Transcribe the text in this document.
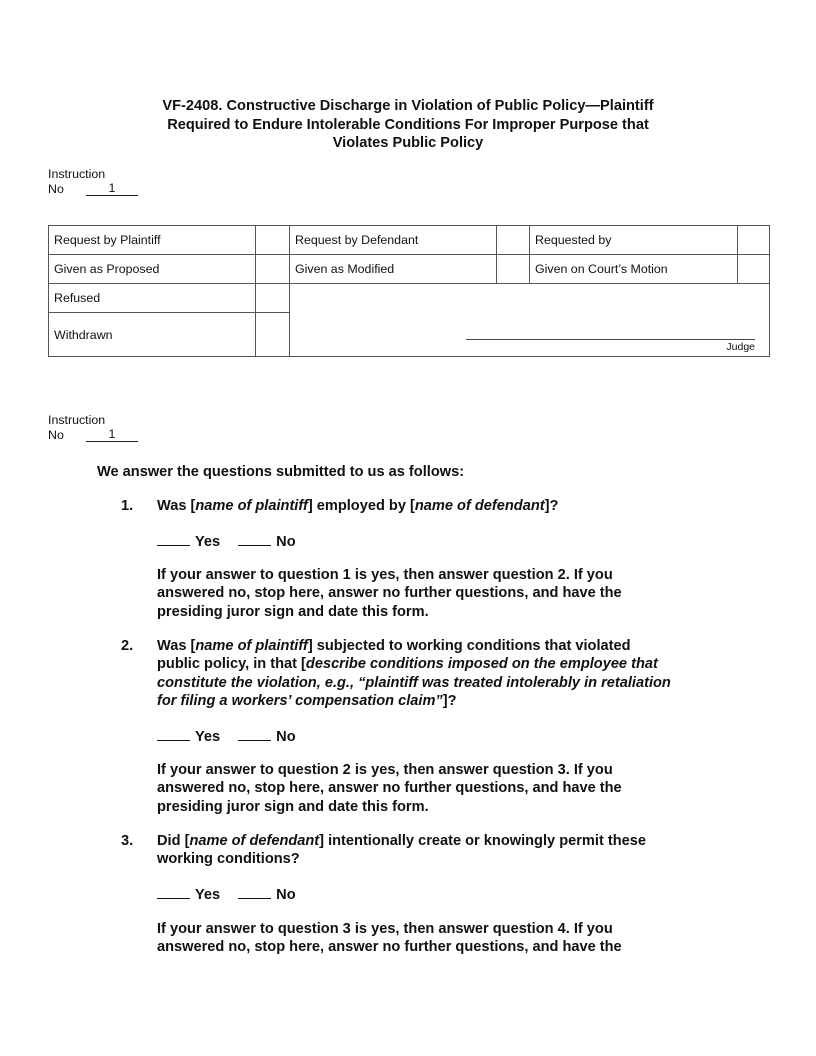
VF-2408. Constructive Discharge in Violation of Public Policy—Plaintiff
Required to Endure Intolerable Conditions For Improper Purpose that
Violates Public Policy
Instruction
No	1
Request by Plaintiff		Request by Defendant		Requested by	
Given as Proposed		Given as Modified		Given on Court’s Motion	
Refused		Judge			

Withdrawn					
Instruction
No	1
We answer the questions submitted to us as follows:
1. Was [name of plaintiff] employed by [name of defendant]?
Yes	No
If your answer to question 1 is yes, then answer question 2. If you
answered no, stop here, answer no further questions, and have the
presiding juror sign and date this form.
2. Was [name of plaintiff] subjected to working conditions that violated
public policy, in that [describe conditions imposed on the employee that
constitute the violation, e.g., “plaintiff was treated intolerably in retaliation
for filing a workers’ compensation claim”]?
Yes	No
If your answer to question 2 is yes, then answer question 3. If you
answered no, stop here, answer no further questions, and have the
presiding juror sign and date this form.
3. Did [name of defendant] intentionally create or knowingly permit these
working conditions?
Yes	No
If your answer to question 3 is yes, then answer question 4. If you
answered no, stop here, answer no further questions, and have the
